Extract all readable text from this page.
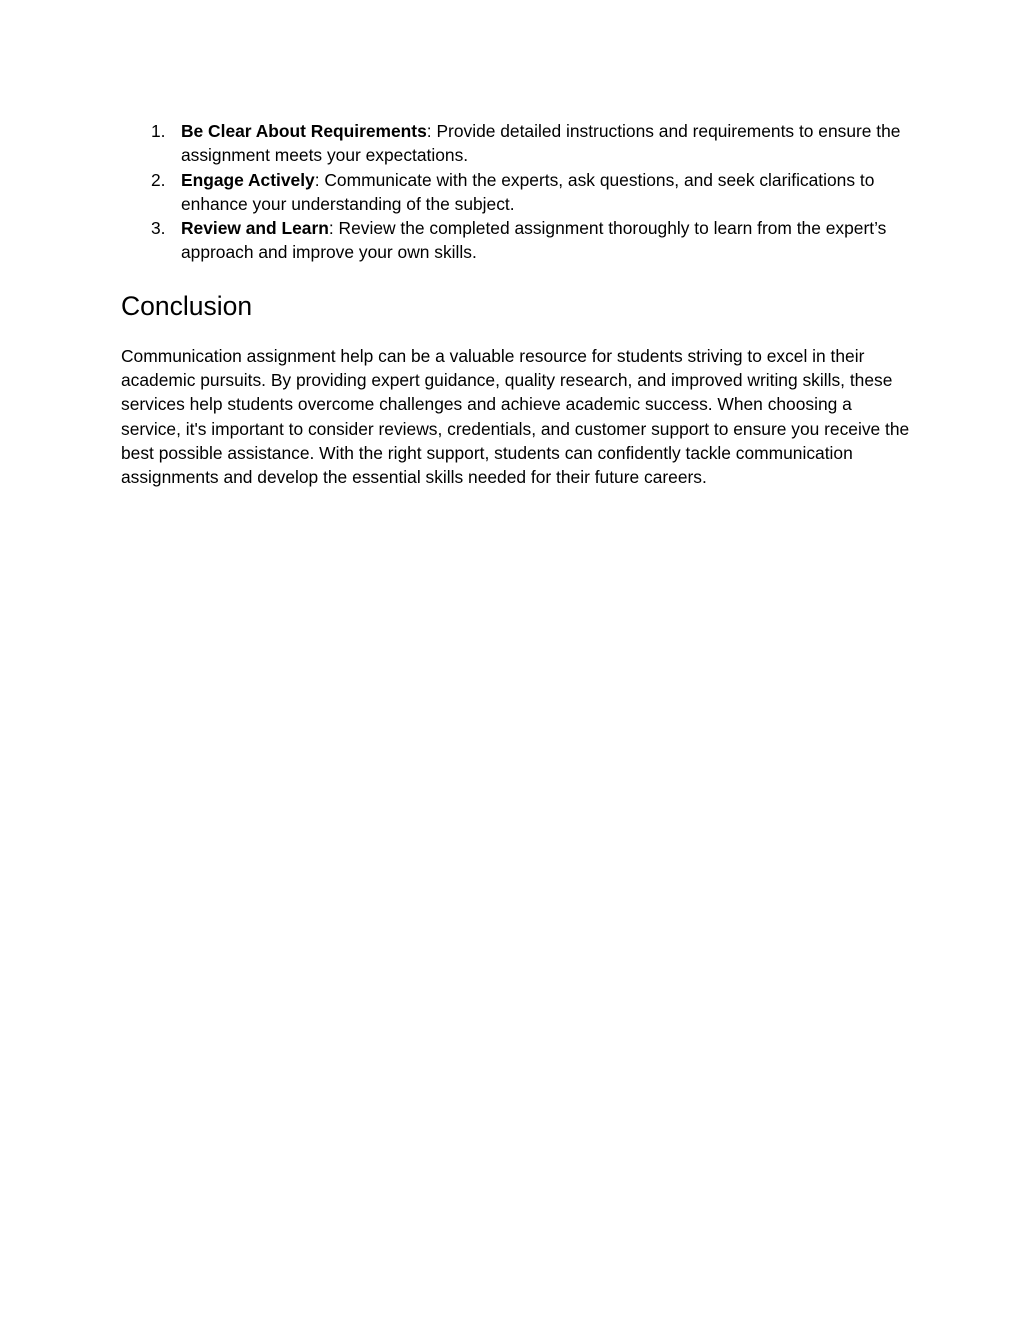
1. Be Clear About Requirements: Provide detailed instructions and requirements to ensure the assignment meets your expectations.
2. Engage Actively: Communicate with the experts, ask questions, and seek clarifications to enhance your understanding of the subject.
3. Review and Learn: Review the completed assignment thoroughly to learn from the expert’s approach and improve your own skills.
Conclusion

Communication assignment help can be a valuable resource for students striving to excel in their academic pursuits. By providing expert guidance, quality research, and improved writing skills, these services help students overcome challenges and achieve academic success. When choosing a service, it's important to consider reviews, credentials, and customer support to ensure you receive the best possible assistance. With the right support, students can confidently tackle communication assignments and develop the essential skills needed for their future careers.
